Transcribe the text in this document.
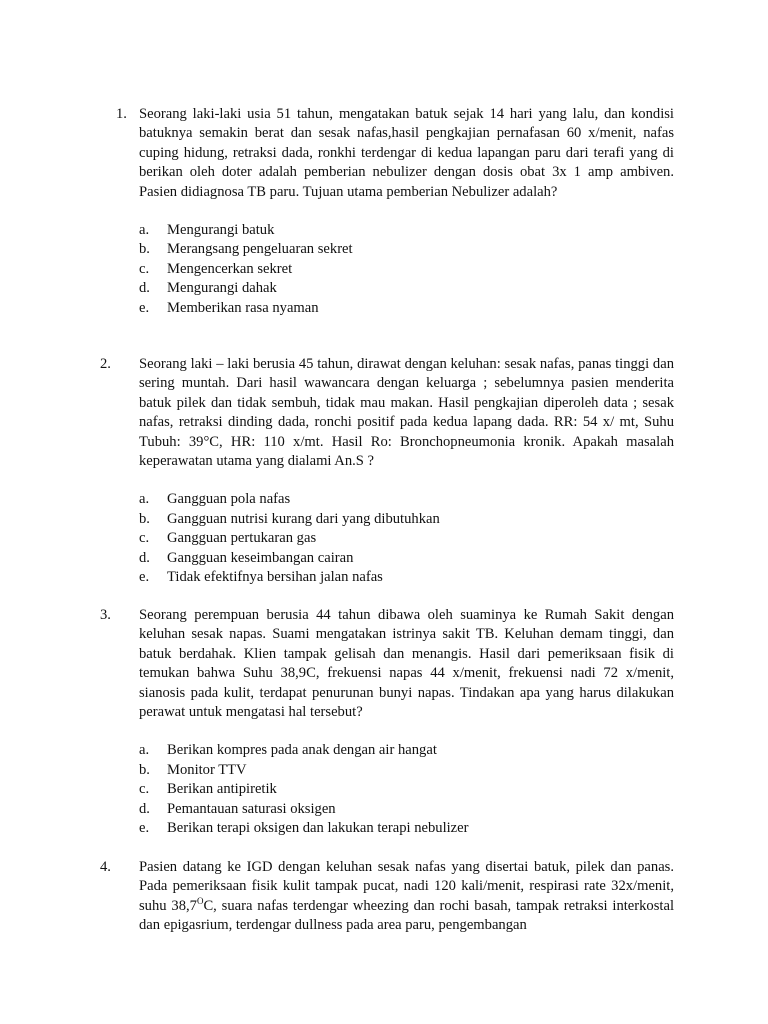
1. Seorang laki-laki usia 51 tahun, mengatakan batuk sejak 14 hari yang lalu, dan kondisi batuknya semakin berat dan sesak nafas,hasil pengkajian pernafasan 60 x/menit, nafas cuping hidung, retraksi dada, ronkhi terdengar di kedua lapangan paru dari terafi yang di berikan oleh doter adalah pemberian nebulizer dengan dosis obat 3x 1 amp ambiven. Pasien didiagnosa TB paru. Tujuan utama pemberian Nebulizer adalah?
a. Mengurangi batuk
b. Merangsang pengeluaran sekret
c. Mengencerkan sekret
d. Mengurangi dahak
e. Memberikan rasa nyaman
2.	Seorang laki – laki berusia 45 tahun, dirawat dengan keluhan: sesak nafas, panas tinggi dan sering muntah. Dari hasil wawancara dengan keluarga ; sebelumnya pasien menderita batuk pilek dan tidak sembuh, tidak mau makan. Hasil pengkajian diperoleh data ; sesak nafas, retraksi dinding dada, ronchi positif pada kedua lapang dada. RR: 54 x/ mt, Suhu Tubuh: 39°C, HR: 110 x/mt. Hasil Ro: Bronchopneumonia kronik. Apakah masalah keperawatan utama yang dialami An.S ?
a. Gangguan pola nafas
b. Gangguan nutrisi kurang dari yang dibutuhkan
c. Gangguan pertukaran gas
d. Gangguan keseimbangan cairan
e. Tidak efektifnya bersihan jalan nafas
3.	Seorang perempuan berusia 44 tahun dibawa oleh suaminya ke Rumah Sakit dengan keluhan sesak napas. Suami mengatakan istrinya sakit TB. Keluhan demam tinggi, dan batuk berdahak. Klien tampak gelisah dan menangis. Hasil dari pemeriksaan fisik di temukan bahwa Suhu 38,9C, frekuensi napas 44 x/menit, frekuensi nadi 72 x/menit, sianosis pada kulit, terdapat penurunan bunyi napas. Tindakan apa yang harus dilakukan perawat untuk mengatasi hal tersebut?
a. Berikan kompres pada anak dengan air hangat
b. Monitor TTV
c. Berikan antipiretik
d. Pemantauan saturasi oksigen
e. Berikan terapi oksigen dan lakukan terapi nebulizer
4.	Pasien datang ke IGD dengan keluhan sesak nafas yang disertai batuk, pilek dan panas. Pada pemeriksaan fisik kulit tampak pucat, nadi 120 kali/menit, respirasi rate 32x/menit, suhu $38,7^OC$, suara nafas terdengar wheezing dan rochi basah, tampak retraksi interkostal dan epigasrium, terdengar dullness pada area paru, pengembangan
